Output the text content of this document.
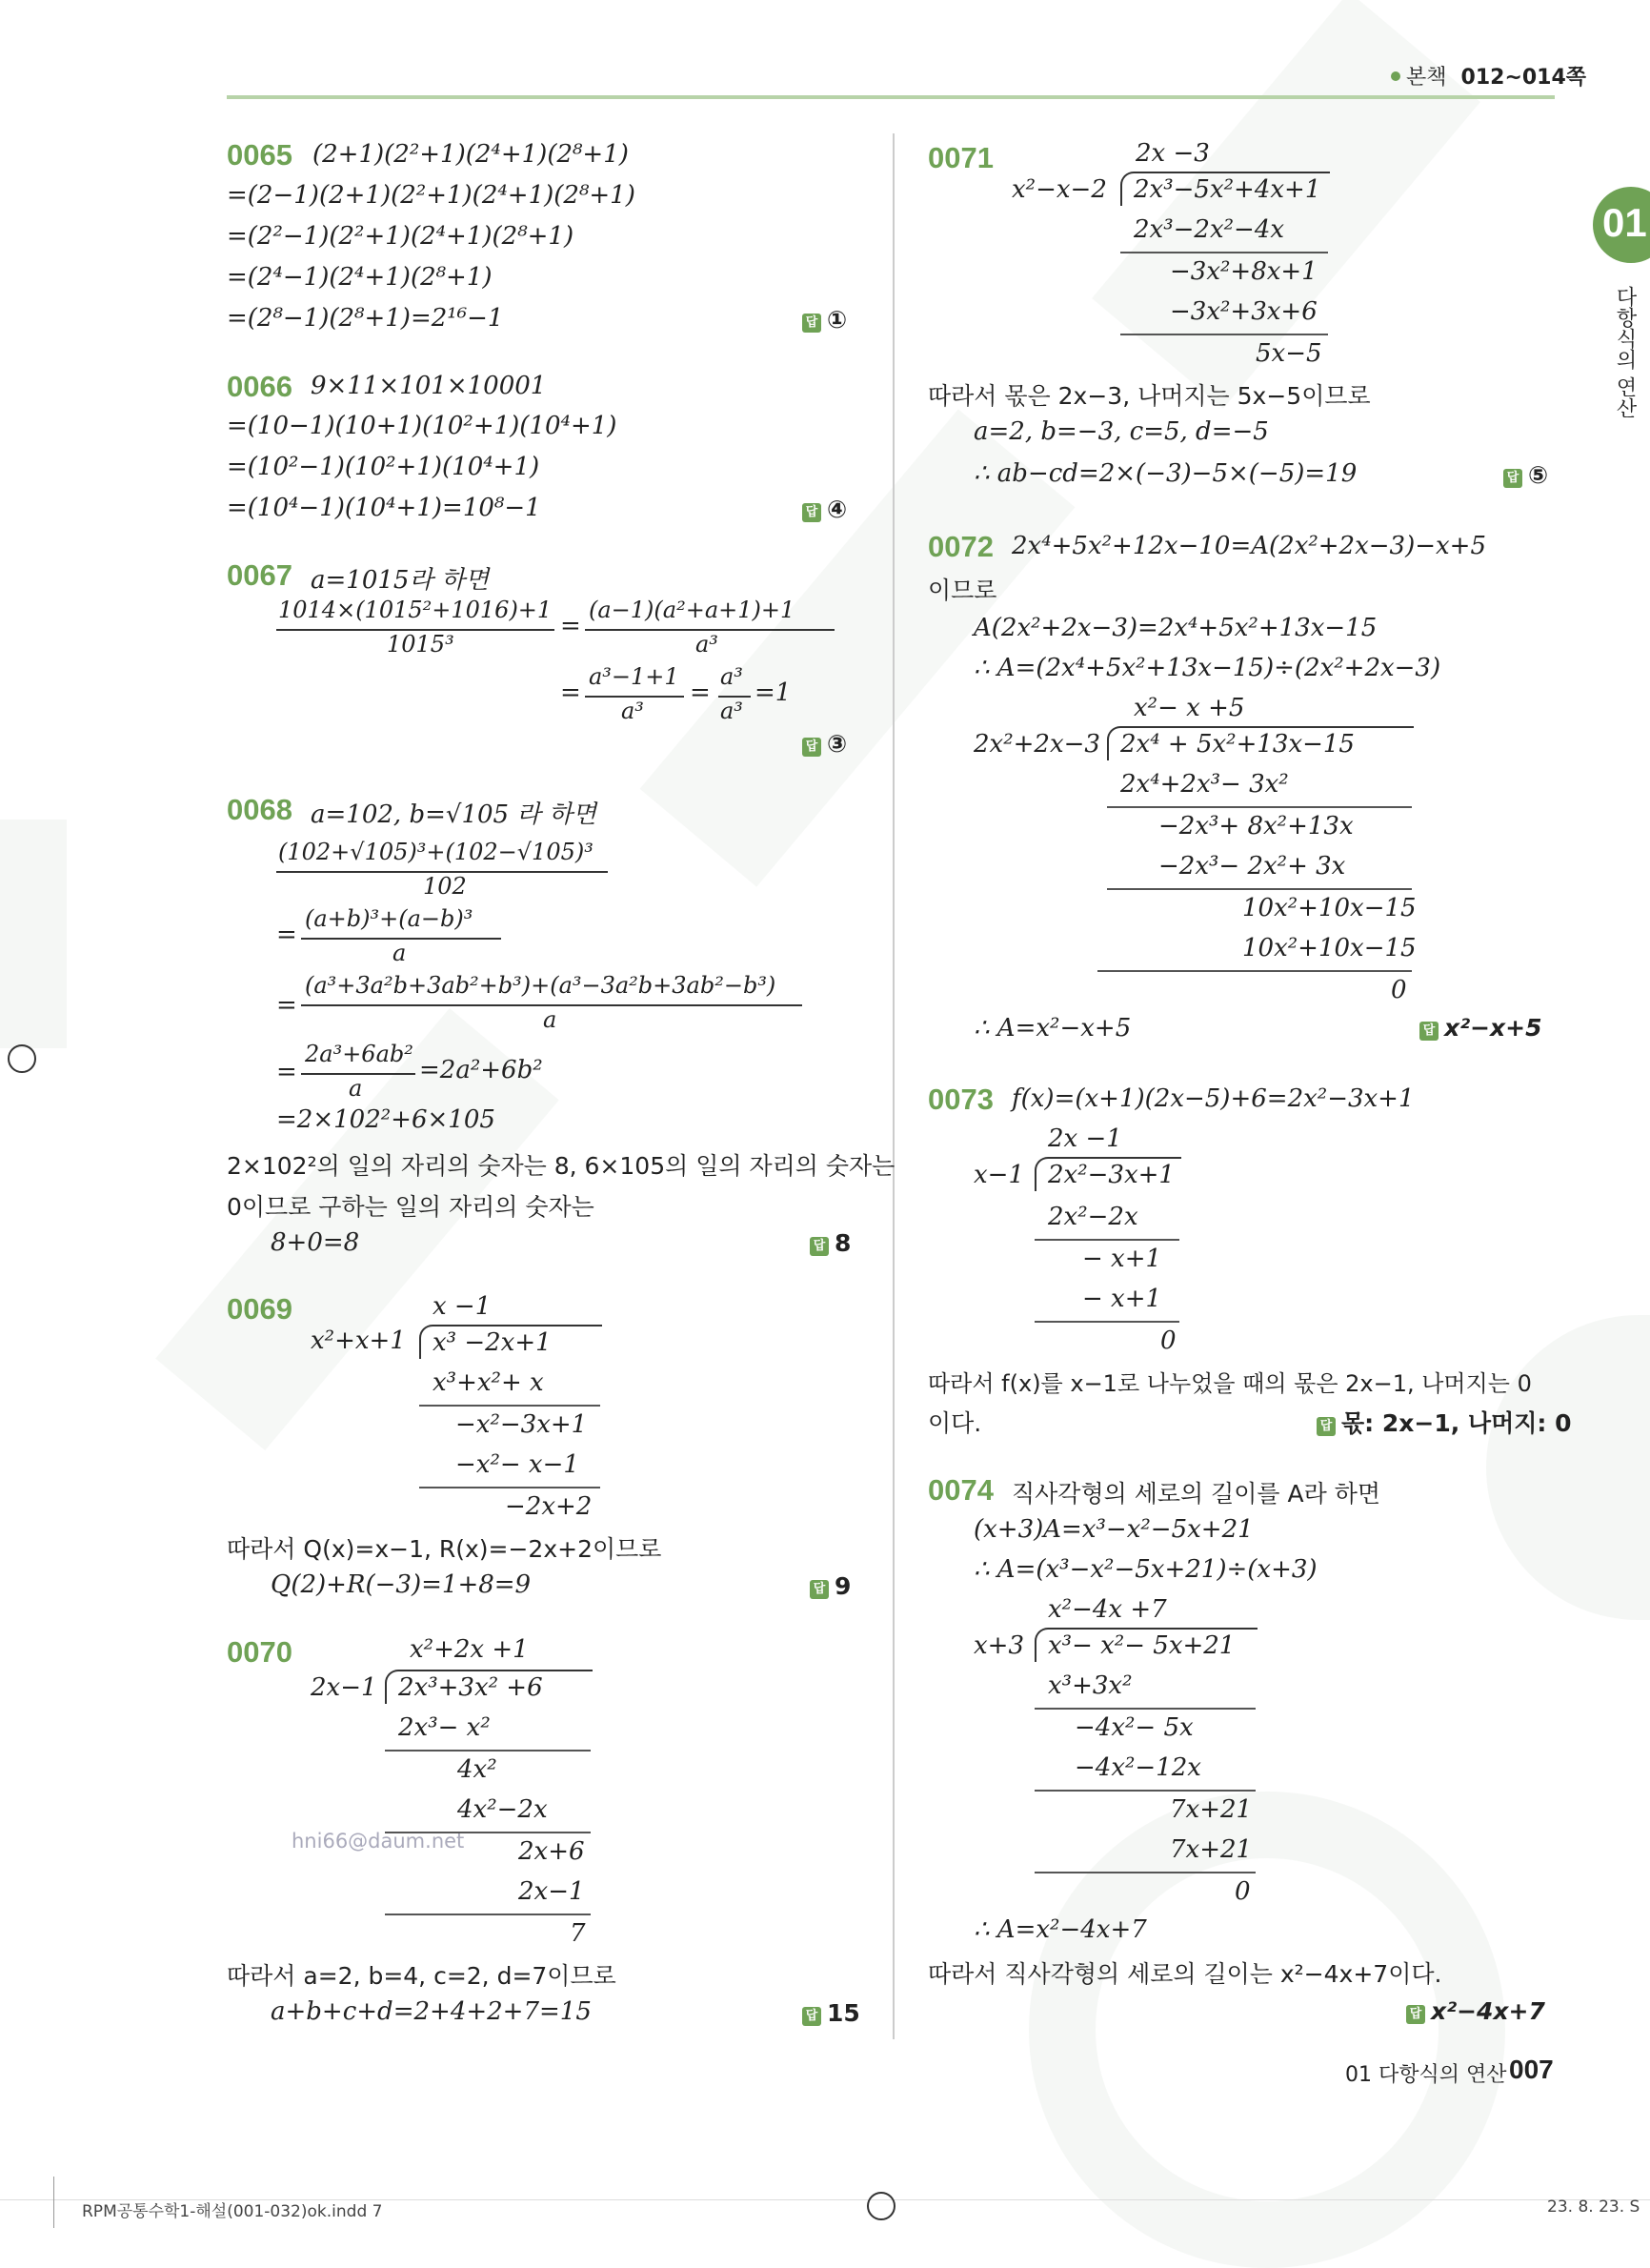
본책 012~014쪽
01
다항식의 연산
0065 (2+1)(2²+1)(2⁴+1)(2⁸+1)
=(2−1)(2+1)(2²+1)(2⁴+1)(2⁸+1)
=(2²−1)(2²+1)(2⁴+1)(2⁸+1)
=(2⁴−1)(2⁴+1)(2⁸+1)
=(2⁸−1)(2⁸+1)=2¹⁶−1	답 ①
0066 9×11×101×10001
=(10−1)(10+1)(10²+1)(10⁴+1)
=(10²−1)(10²+1)(10⁴+1)
=(10⁴−1)(10⁴+1)=10⁸−1	답 ④
0067 a=1015라 하면
1014×(1015²+1016)+1
1015³
=
(a−1)(a²+a+1)+1
a³
=
a³−1+1
a³
=
a³
a³
=1
답 ③
0068 a=102, b=√105 라 하면
(102+√105)³+(102−√105)³
102
=
(a+b)³+(a−b)³
a
=
(a³+3a²b+3ab²+b³)+(a³−3a²b+3ab²−b³)
a
=
2a³+6ab²
a
=2a²+6b²
=2×102²+6×105
2×102²의 일의 자리의 숫자는 8, 6×105의 일의 자리의 숫자는
0이므로 구하는 일의 자리의 숫자는
8+0=8	답 8
0069	x −1
x²+x+1 x³ −2x+1
x³+x²+ x
−x²−3x+1
−x²− x−1
−2x+2
따라서 Q(x)=x−1, R(x)=−2x+2이므로
Q(2)+R(−3)=1+8=9	답 9
0070	x²+2x +1
2x−1 2x³+3x² +6
2x³− x²
4x²
4x²−2x
hni66@daum.net 2x+6
2x−1
7
따라서 a=2, b=4, c=2, d=7이므로
a+b+c+d=2+4+2+7=15	답 15
0071	2x −3
x²−x−2 2x³−5x²+4x+1
2x³−2x²−4x
−3x²+8x+1
−3x²+3x+6
5x−5
따라서 몫은 2x−3, 나머지는 5x−5이므로
a=2, b=−3, c=5, d=−5
∴ ab−cd=2×(−3)−5×(−5)=19	답 ⑤
0072 2x⁴+5x²+12x−10=A(2x²+2x−3)−x+5
이므로
A(2x²+2x−3)=2x⁴+5x²+13x−15
∴ A=(2x⁴+5x²+13x−15)÷(2x²+2x−3)
x²− x +5
2x²+2x−3 2x⁴ + 5x²+13x−15
2x⁴+2x³− 3x²
−2x³+ 8x²+13x
−2x³− 2x²+ 3x
10x²+10x−15
10x²+10x−15
0
∴ A=x²−x+5	답 x²−x+5
0073 f(x)=(x+1)(2x−5)+6=2x²−3x+1
2x −1
x−1 2x²−3x+1
2x²−2x
− x+1
− x+1
0
따라서 f(x)를 x−1로 나누었을 때의 몫은 2x−1, 나머지는 0
이다.	답 몫: 2x−1, 나머지: 0
0074 직사각형의 세로의 길이를 A라 하면
(x+3)A=x³−x²−5x+21
∴ A=(x³−x²−5x+21)÷(x+3)
x²−4x +7
x+3 x³− x²− 5x+21
x³+3x²
−4x²− 5x
−4x²−12x
7x+21
7x+21
0
∴ A=x²−4x+7
따라서 직사각형의 세로의 길이는 x²−4x+7이다.
답 x²−4x+7
01 다항식의 연산 007
RPM공통수학1-해설(001-032)ok.indd 7	23. 8. 23. S
